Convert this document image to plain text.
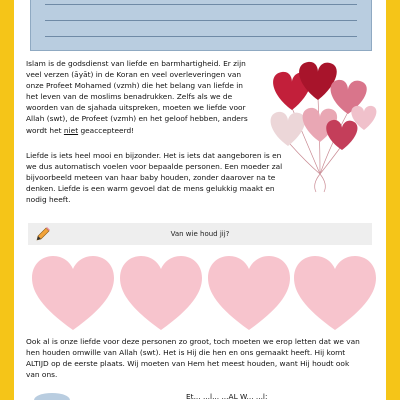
Islam is de godsdienst van liefde en barmhartigheid. Er zijn
veel verzen (āyāt) in de Koran en veel overleveringen van
onze Profeet Mohamed (vzmh) die het belang van liefde in
het leven van de moslims benadrukken. Zelfs als we de
woorden van de sjahada uitspreken, moeten we liefde voor
Allah (swt), de Profeet (vzmh) en het geloof hebben, anders
wordt het niet geaccepteerd!

Liefde is iets heel mooi en bijzonder. Het is iets dat aangeboren is en
we dus automatisch voelen voor bepaalde personen. Een moeder zal
bijvoorbeeld meteen van haar baby houden, zonder daarover na te
denken. Liefde is een warm gevoel dat de mens gelukkig maakt en
nodig heeft.

Van wie houd jij?

Ook al is onze liefde voor deze personen zo groot, toch moeten we erop letten dat we van
hen houden omwille van Allah (swt). Het is Hij die hen en ons gemaakt heeft. Hij komt
ALTIJD op de eerste plaats. Wij moeten van Hem het meest houden, want Hij houdt ook
van ons.

Et... ...l... ...AL W... ...l:
